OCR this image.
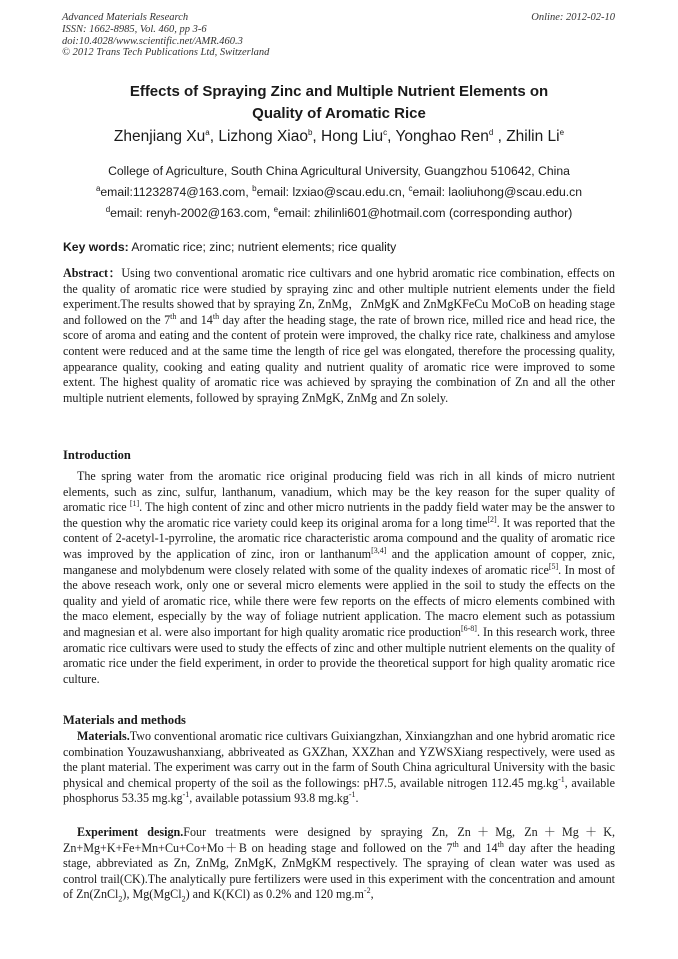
Advanced Materials Research
ISSN: 1662-8985, Vol. 460, pp 3-6
doi:10.4028/www.scientific.net/AMR.460.3
© 2012 Trans Tech Publications Ltd, Switzerland
Online: 2012-02-10
Effects of Spraying Zinc and Multiple Nutrient Elements on
Quality of Aromatic Rice
Zhenjiang Xu$^a$, Lizhong Xiao$^b$, Hong Liu$^c$, Yonghao Ren$^d$ , Zhilin Li$^e$
College of Agriculture, South China Agricultural University, Guangzhou 510642, China
$^a$email:11232874@163.com, $^b$email: lzxiao@scau.edu.cn, $^c$email: laoliuhong@scau.edu.cn
$^d$email: renyh-2002@163.com, $^e$email: zhilinli601@hotmail.com (corresponding author)
Key words: Aromatic rice; zinc; nutrient elements; rice quality

Abstract：Using two conventional aromatic rice cultivars and one hybrid aromatic rice combination, effects on the quality of aromatic rice were studied by spraying zinc and other multiple nutrient elements under the field experiment.The results showed that by spraying Zn, ZnMg，ZnMgK and ZnMgKFeCu MoCoB on heading stage and followed on the 7th and 14th day after the heading stage, the rate of brown rice, milled rice and head rice, the score of aroma and eating and the content of protein were improved, the chalky rice rate, chalkiness and amylose content were reduced and at the same time the length of rice gel was elongated, therefore the processing quality, appearance quality, cooking and eating quality and nutrient quality of aromatic rice were improved to some extent. The highest quality of aromatic rice was achieved by spraying the combination of Zn and all the other multiple nutrient elements, followed by spraying ZnMgK, ZnMg and Zn solely.

Introduction

The spring water from the aromatic rice original producing field was rich in all kinds of micro nutrient elements, such as zinc, sulfur, lanthanum, vanadium, which may be the key reason for the super quality of aromatic rice [1]. The high content of zinc and other micro nutrients in the paddy field water may be the answer to the question why the aromatic rice variety could keep its original aroma for a long time[2]. It was reported that the content of 2-acetyl-1-pyrroline, the aromatic rice characteristic aroma compound and the quality of aromatic rice was improved by the application of zinc, iron or lanthanum[3,4] and the application amount of copper, znic, manganese and molybdenum were closely related with some of the quality indexes of aromatic rice[5]. In most of the above reseach work, only one or several micro elements were applied in the soil to study the effects on the quality and yield of aromatic rice, while there were few reports on the effects of micro elements combined with the maco element, especially by the way of foliage nutrient application. The macro element such as potassium and magnesian et al. were also important for high quality aromatic rice production[6-8]. In this research work, three aromatic rice cultivars were used to study the effects of zinc and other multiple nutrient elements on the quality of aromatic rice under the field experiment, in order to provide the theoretical support for high quality aromatic rice culture.

Materials and methods

Materials.Two conventional aromatic rice cultivars Guixiangzhan, Xinxiangzhan and one hybrid aromatic rice combination Youzawushanxiang, abbriveated as GXZhan, XXZhan and YZWSXiang respectively, were used as the plant material. The experiment was carry out in the farm of South China agricultural University with the basic physical and chemical property of the soil as the followings: pH7.5, available nitrogen 112.45 $mg.kg^{-1}$, available phosphorus 53.35 $mg.kg^{-1}$, available potassium 93.8 $mg.kg^{-1}$.

Experiment design.Four treatments were designed by spraying Zn, Zn＋Mg, Zn＋Mg＋K, Zn+Mg+K+Fe+Mn+Cu+Co+Mo＋B on heading stage and followed on the 7th and 14th day after the heading stage, abbreviated as Zn, ZnMg, ZnMgK, ZnMgKM respectively. The spraying of clean water was used as control trail(CK).The analytically pure fertilizers were used in this experiment with the concentration and amount of Zn(ZnCl$_2$), Mg(MgCl$_2$) and K(KCl) as 0.2% and 120 $mg.m^{-2}$,
